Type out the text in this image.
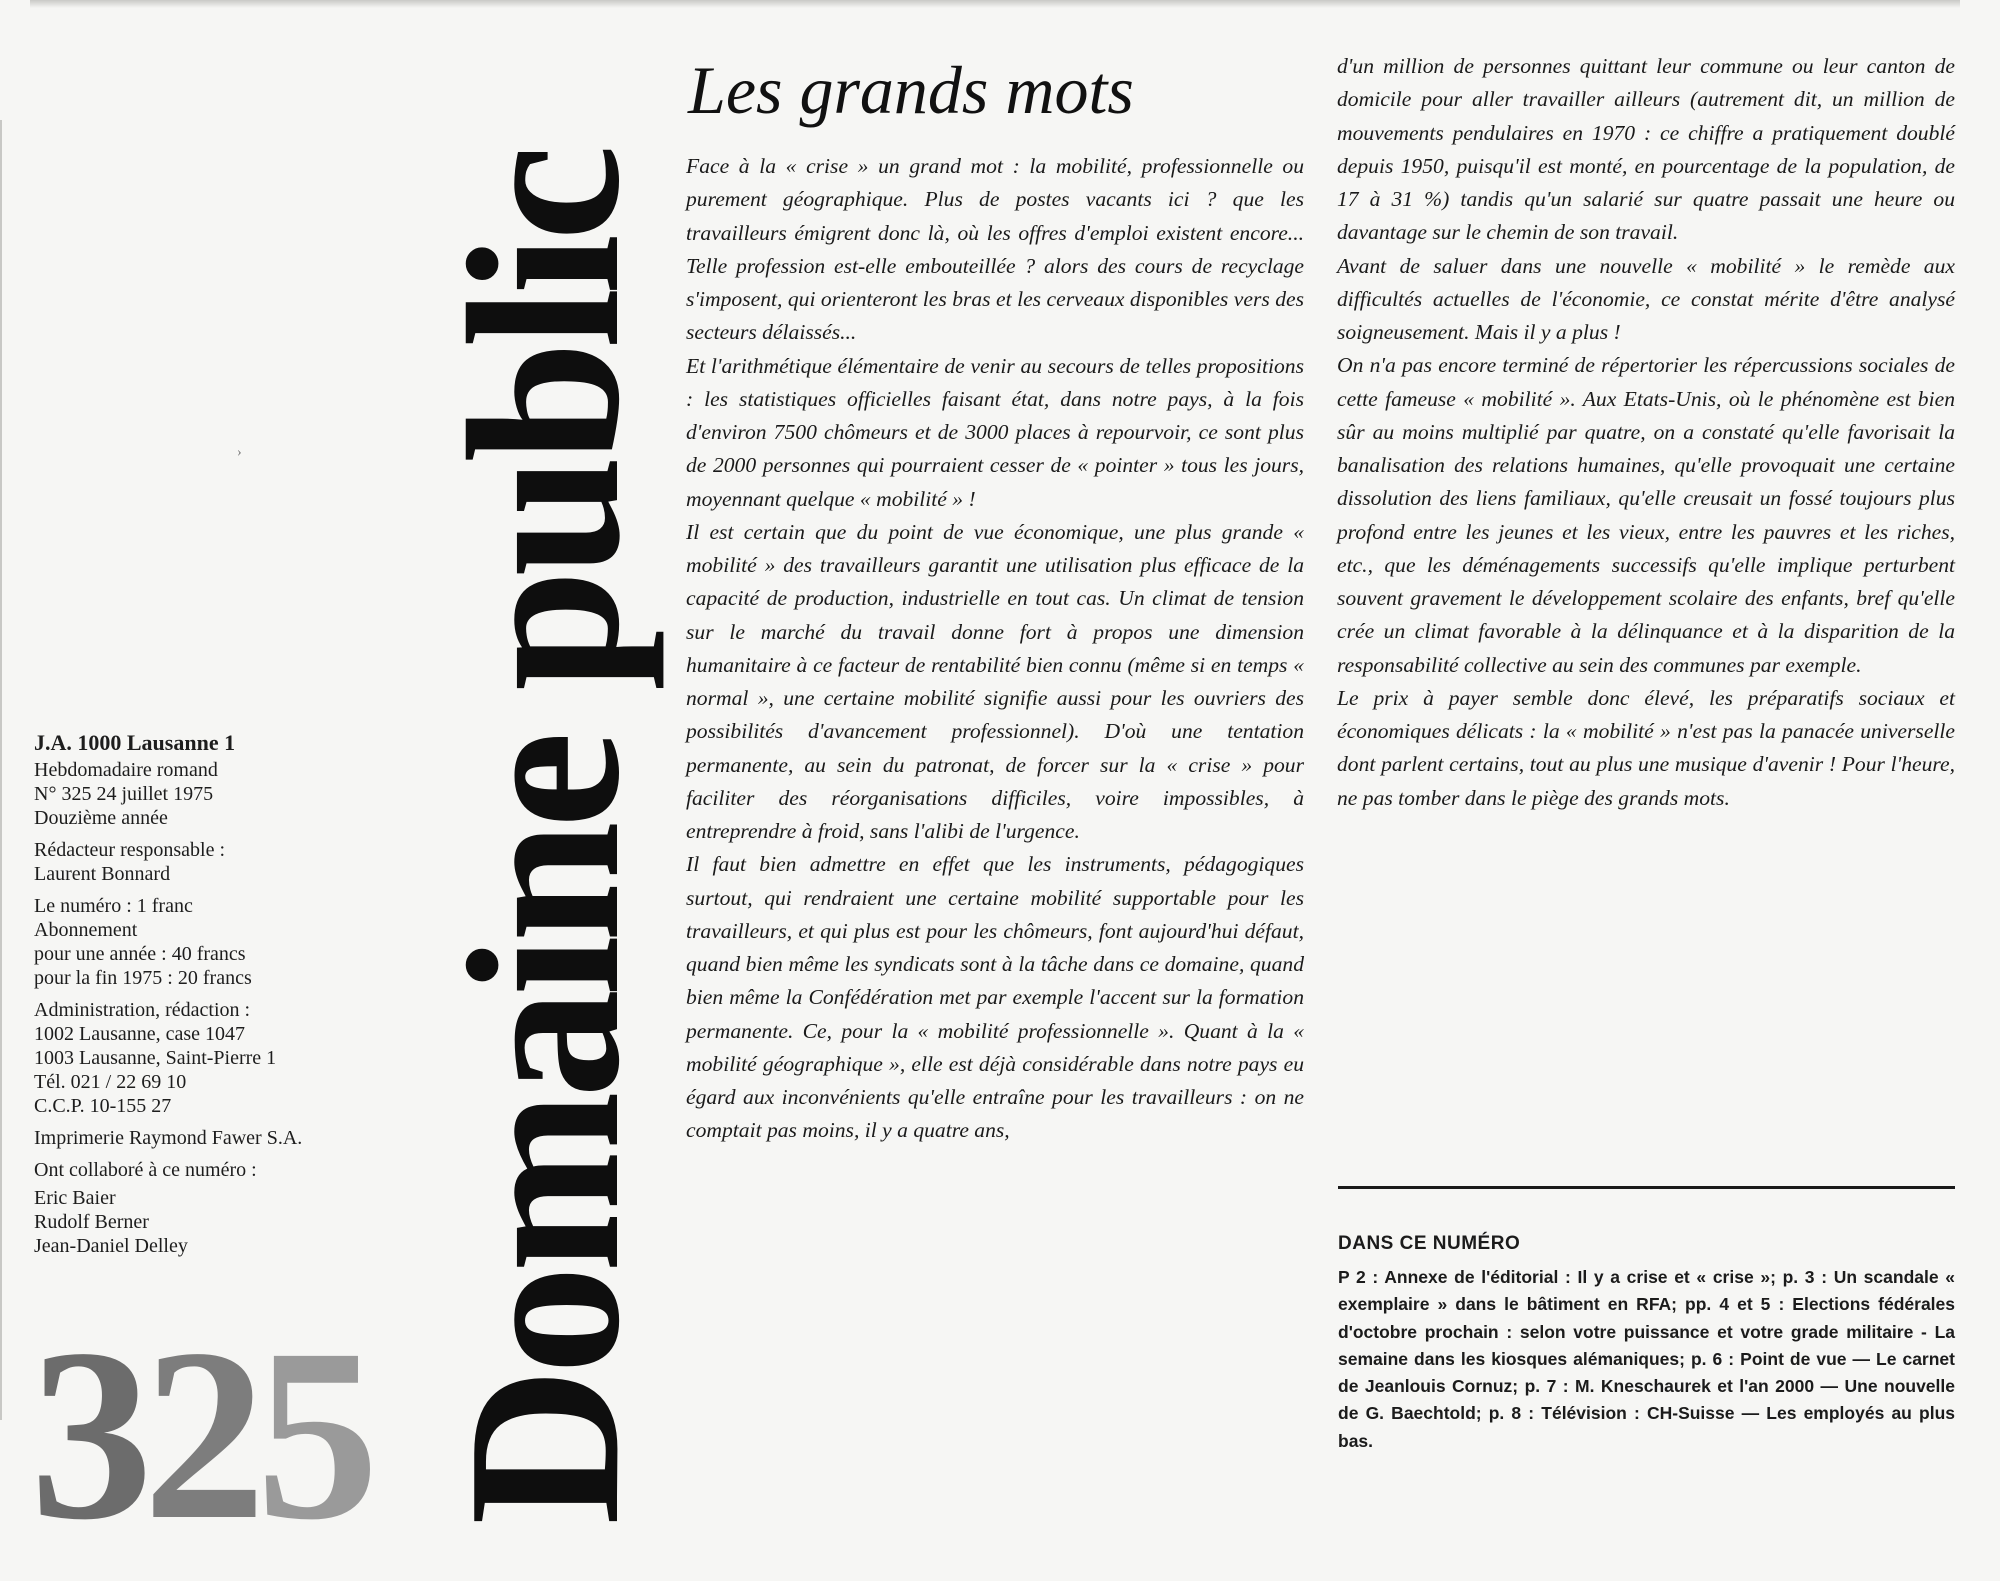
› Domaine public
J.A. 1000 Lausanne 1
Hebdomadaire romand
N° 325 24 juillet 1975
Douzième année
Rédacteur responsable :
Laurent Bonnard
Le numéro : 1 franc
Abonnement
pour une année : 40 francs
pour la fin 1975 : 20 francs
Administration, rédaction :
1002 Lausanne, case 1047
1003 Lausanne, Saint-Pierre 1
Tél. 021 / 22 69 10
C.C.P. 10-155 27
Imprimerie Raymond Fawer S.A.
Ont collaboré à ce numéro :
Eric Baier
Rudolf Berner
Jean-Daniel Delley
325
Les grands mots

Face à la « crise » un grand mot : la mobilité, professionnelle ou purement géographique. Plus de postes vacants ici ? que les travailleurs émigrent donc là, où les offres d'emploi existent encore... Telle profession est-elle embouteillée ? alors des cours de recyclage s'imposent, qui orienteront les bras et les cerveaux disponibles vers des secteurs délaissés...

Et l'arithmétique élémentaire de venir au secours de telles propositions : les statistiques officielles faisant état, dans notre pays, à la fois d'environ 7500 chômeurs et de 3000 places à repourvoir, ce sont plus de 2000 personnes qui pourraient cesser de « pointer » tous les jours, moyennant quelque « mobilité » !

Il est certain que du point de vue économique, une plus grande « mobilité » des travailleurs garantit une utilisation plus efficace de la capacité de production, industrielle en tout cas. Un climat de tension sur le marché du travail donne fort à propos une dimension humanitaire à ce facteur de rentabilité bien connu (même si en temps « normal », une certaine mobilité signifie aussi pour les ouvriers des possibilités d'avancement professionnel). D'où une tentation permanente, au sein du patronat, de forcer sur la « crise » pour faciliter des réorganisations difficiles, voire impossibles, à entreprendre à froid, sans l'alibi de l'urgence.

Il faut bien admettre en effet que les instruments, pédagogiques surtout, qui rendraient une certaine mobilité supportable pour les travailleurs, et qui plus est pour les chômeurs, font aujourd'hui défaut, quand bien même les syndicats sont à la tâche dans ce domaine, quand bien même la Confédération met par exemple l'accent sur la formation permanente. Ce, pour la « mobilité professionnelle ». Quant à la « mobilité géographique », elle est déjà considérable dans notre pays eu égard aux inconvénients qu'elle entraîne pour les travailleurs : on ne comptait pas moins, il y a quatre ans,

d'un million de personnes quittant leur commune ou leur canton de domicile pour aller travailler ailleurs (autrement dit, un million de mouvements pendulaires en 1970 : ce chiffre a pratiquement doublé depuis 1950, puisqu'il est monté, en pourcentage de la population, de 17 à 31 %) tandis qu'un salarié sur quatre passait une heure ou davantage sur le chemin de son travail.

Avant de saluer dans une nouvelle « mobilité » le remède aux difficultés actuelles de l'économie, ce constat mérite d'être analysé soigneusement. Mais il y a plus !

On n'a pas encore terminé de répertorier les répercussions sociales de cette fameuse « mobilité ». Aux Etats-Unis, où le phénomène est bien sûr au moins multiplié par quatre, on a constaté qu'elle favorisait la banalisation des relations humaines, qu'elle provoquait une certaine dissolution des liens familiaux, qu'elle creusait un fossé toujours plus profond entre les jeunes et les vieux, entre les pauvres et les riches, etc., que les déménagements successifs qu'elle implique perturbent souvent gravement le développement scolaire des enfants, bref qu'elle crée un climat favorable à la délinquance et à la disparition de la responsabilité collective au sein des communes par exemple.

Le prix à payer semble donc élevé, les préparatifs sociaux et économiques délicats : la « mobilité » n'est pas la panacée universelle dont parlent certains, tout au plus une musique d'avenir ! Pour l'heure, ne pas tomber dans le piège des grands mots.

DANS CE NUMÉRO
P 2 : Annexe de l'éditorial : Il y a crise et « crise »; p. 3 : Un scandale « exemplaire » dans le bâtiment en RFA; pp. 4 et 5 : Elections fédérales d'octobre prochain : selon votre puissance et votre grade militaire - La semaine dans les kiosques alémaniques; p. 6 : Point de vue — Le carnet de Jeanlouis Cornuz; p. 7 : M. Kneschaurek et l'an 2000 — Une nouvelle de G. Baechtold; p. 8 : Télévision : CH-Suisse — Les employés au plus bas.
